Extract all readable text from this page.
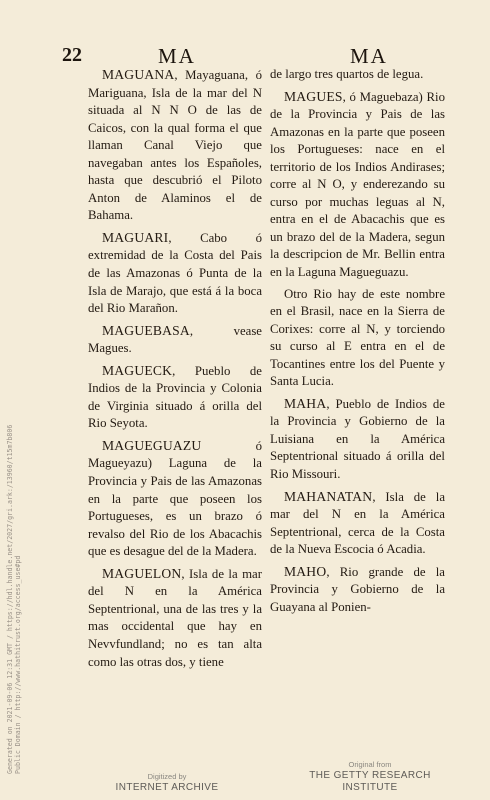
22	MA	MA

MAGUANA, Mayaguana, ó Mariguana, Isla de la mar del N situada al N N O de las de Caicos, con la qual forma el que llaman Canal Viejo que navegaban antes los Españoles, hasta que descubrió el Piloto Anton de Alaminos el de Bahama.

MAGUARI, Cabo ó extremidad de la Costa del Pais de las Amazonas ó Punta de la Isla de Marajo, que está á la boca del Rio Marañon.

MAGUEBASA, vease Magues.

MAGUECK, Pueblo de Indios de la Provincia y Colonia de Virginia situado á orilla del Rio Seyota.

MAGUEGUAZU ó Magueyazu) Laguna de la Provincia y Pais de las Amazonas en la parte que poseen los Portugueses, es un brazo ó revalso del Rio de los Abacachis que es desague del de la Madera.

MAGUELON, Isla de la mar del N en la América Septentrional, una de las tres y la mas occidental que hay en Nevvfundland; no es tan alta como las otras dos, y tiene

de largo tres quartos de legua.

MAGUES, ó Maguebaza) Rio de la Provincia y Pais de las Amazonas en la parte que poseen los Portugueses: nace en el territorio de los Indios Andirases; corre al N O, y enderezando su curso por muchas leguas al N, entra en el de Abacachis que es un brazo del de la Madera, segun la descripcion de Mr. Bellin entra en la Laguna Magueguazu.

Otro Rio hay de este nombre en el Brasil, nace en la Sierra de Corixes: corre al N, y torciendo su curso al E entra en el de Tocantines entre los del Puente y Santa Lucia.

MAHA, Pueblo de Indios de la Provincia y Gobierno de la Luisiana en la América Septentrional situado á orilla del Rio Missouri.

MAHANATAN, Isla de la mar del N en la América Septentrional, cerca de la Costa de la Nueva Escocia ó Acadia.

MAHO, Rio grande de la Provincia y Gobierno de la Guayana al Ponien-

Generated on 2021-09-06 12:31 GMT / https://hdl.handle.net/2027/gri.ark:/13960/t15m7b806 Public Domain / http://www.hathitrust.org/access_use#pd
Digitized by
INTERNET ARCHIVE
Original from
THE GETTY RESEARCH INSTITUTE
